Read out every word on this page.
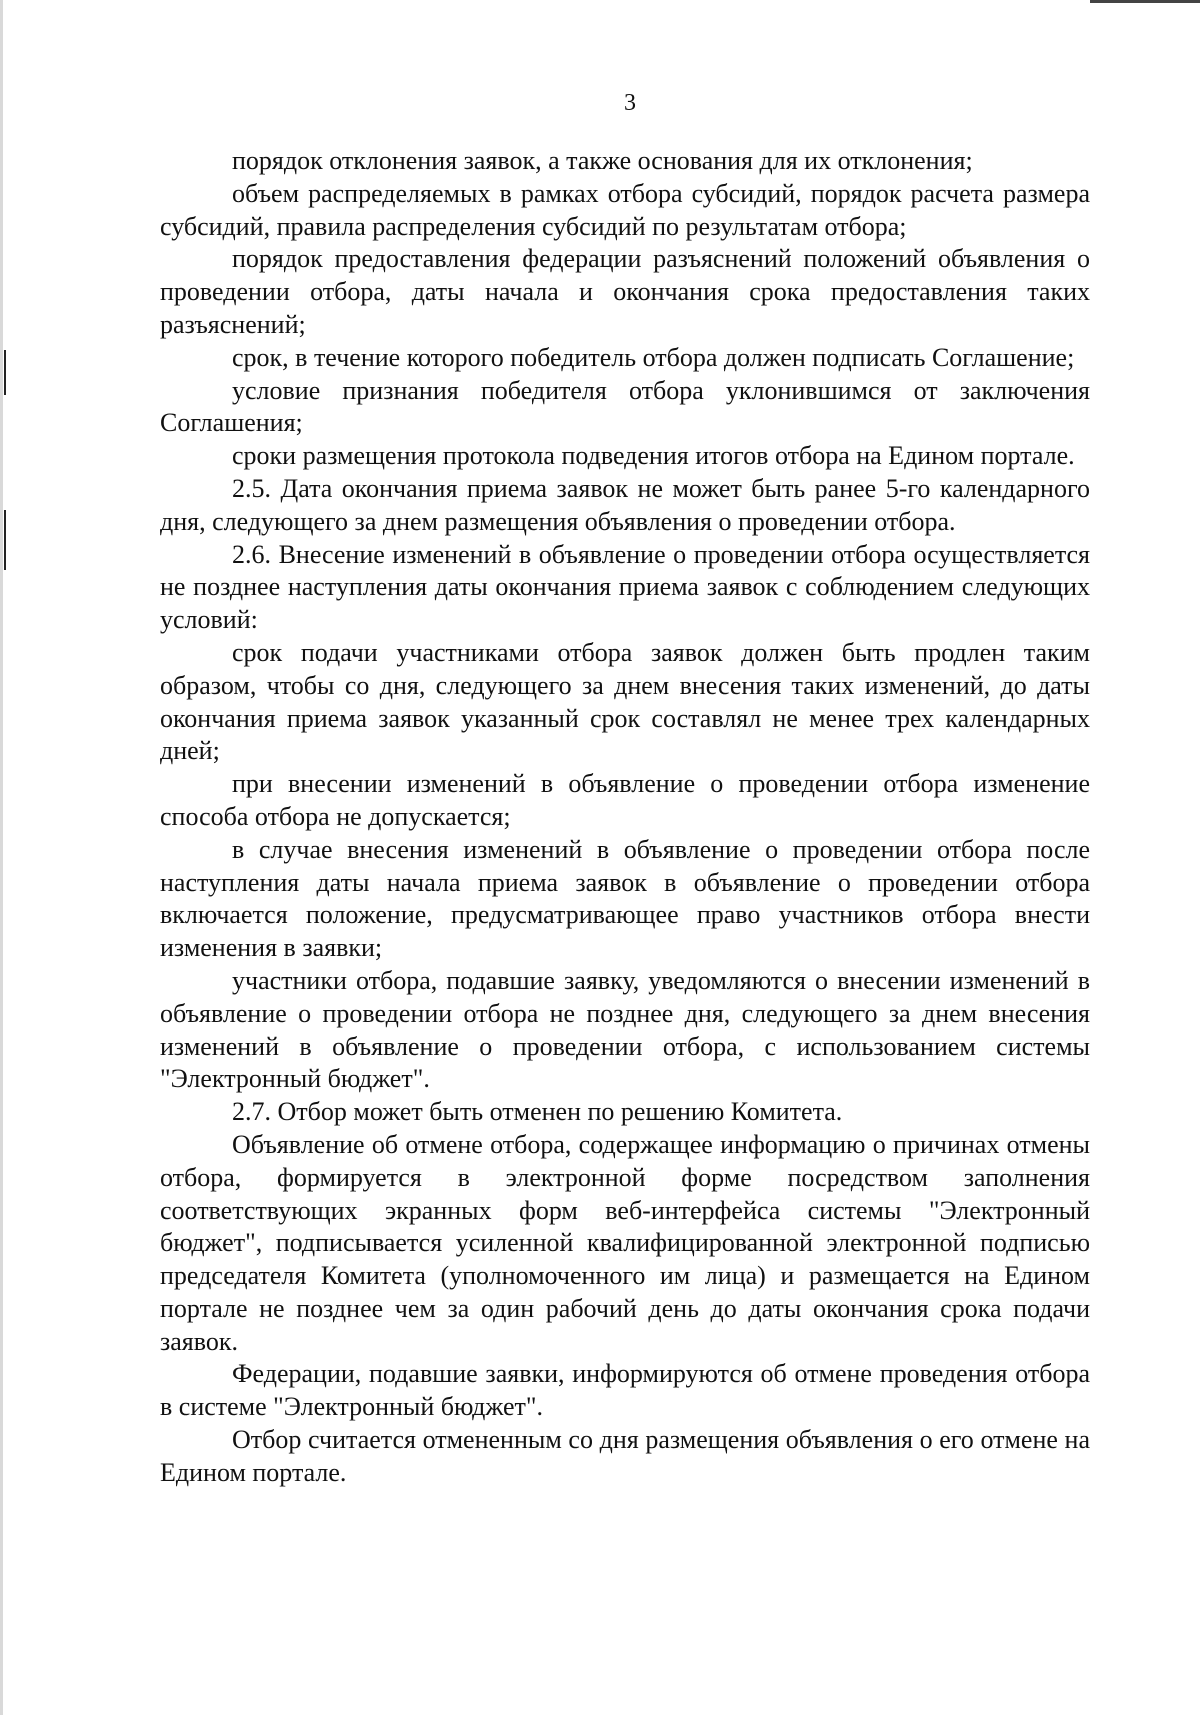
3

порядок отклонения заявок, а также основания для их отклонения;

объем распределяемых в рамках отбора субсидий, порядок расчета размера субсидий, правила распределения субсидий по результатам отбора;

порядок предоставления федерации разъяснений положений объявления о проведении отбора, даты начала и окончания срока предоставления таких разъяснений;

срок, в течение которого победитель отбора должен подписать Соглашение;

условие признания победителя отбора уклонившимся от заключения Соглашения;

сроки размещения протокола подведения итогов отбора на Едином портале.

2.5. Дата окончания приема заявок не может быть ранее 5-го календарного дня, следующего за днем размещения объявления о проведении отбора.

2.6. Внесение изменений в объявление о проведении отбора осуществляется не позднее наступления даты окончания приема заявок с соблюдением следующих условий:

срок подачи участниками отбора заявок должен быть продлен таким образом, чтобы со дня, следующего за днем внесения таких изменений, до даты окончания приема заявок указанный срок составлял не менее трех календарных дней;

при внесении изменений в объявление о проведении отбора изменение способа отбора не допускается;

в случае внесения изменений в объявление о проведении отбора после наступления даты начала приема заявок в объявление о проведении отбора включается положение, предусматривающее право участников отбора внести изменения в заявки;

участники отбора, подавшие заявку, уведомляются о внесении изменений в объявление о проведении отбора не позднее дня, следующего за днем внесения изменений в объявление о проведении отбора, с использованием системы "Электронный бюджет".

2.7. Отбор может быть отменен по решению Комитета.

Объявление об отмене отбора, содержащее информацию о причинах отмены отбора, формируется в электронной форме посредством заполнения соответствующих экранных форм веб-интерфейса системы "Электронный бюджет", подписывается усиленной квалифицированной электронной подписью председателя Комитета (уполномоченного им лица) и размещается на Едином портале не позднее чем за один рабочий день до даты окончания срока подачи заявок.

Федерации, подавшие заявки, информируются об отмене проведения отбора в системе "Электронный бюджет".

Отбор считается отмененным со дня размещения объявления о его отмене на Едином портале.
